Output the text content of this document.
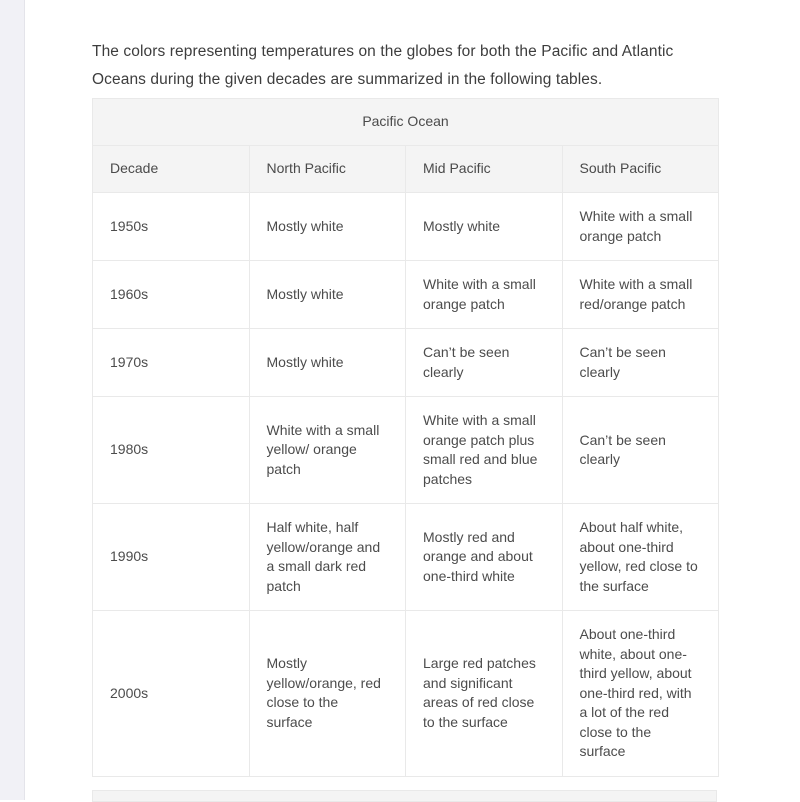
The colors representing temperatures on the globes for both the Pacific and Atlantic Oceans during the given decades are summarized in the following tables.

Pacific Ocean			
Decade	North Pacific	Mid Pacific	South Pacific
1950s	Mostly white	Mostly white	White with a small orange patch
1960s	Mostly white	White with a small orange patch	White with a small red/orange patch
1970s	Mostly white	Can’t be seen clearly	Can’t be seen clearly
1980s	White with a small yellow/ orange patch	White with a small orange patch plus small red and blue patches	Can’t be seen clearly
1990s	Half white, half yellow/orange and a small dark red patch	Mostly red and orange and about one-third white	About half white, about one-third yellow, red close to the surface
2000s	Mostly yellow/orange, red close to the surface	Large red patches and significant areas of red close to the surface	About one-third white, about one-third yellow, about one-third red, with a lot of the red close to the surface
